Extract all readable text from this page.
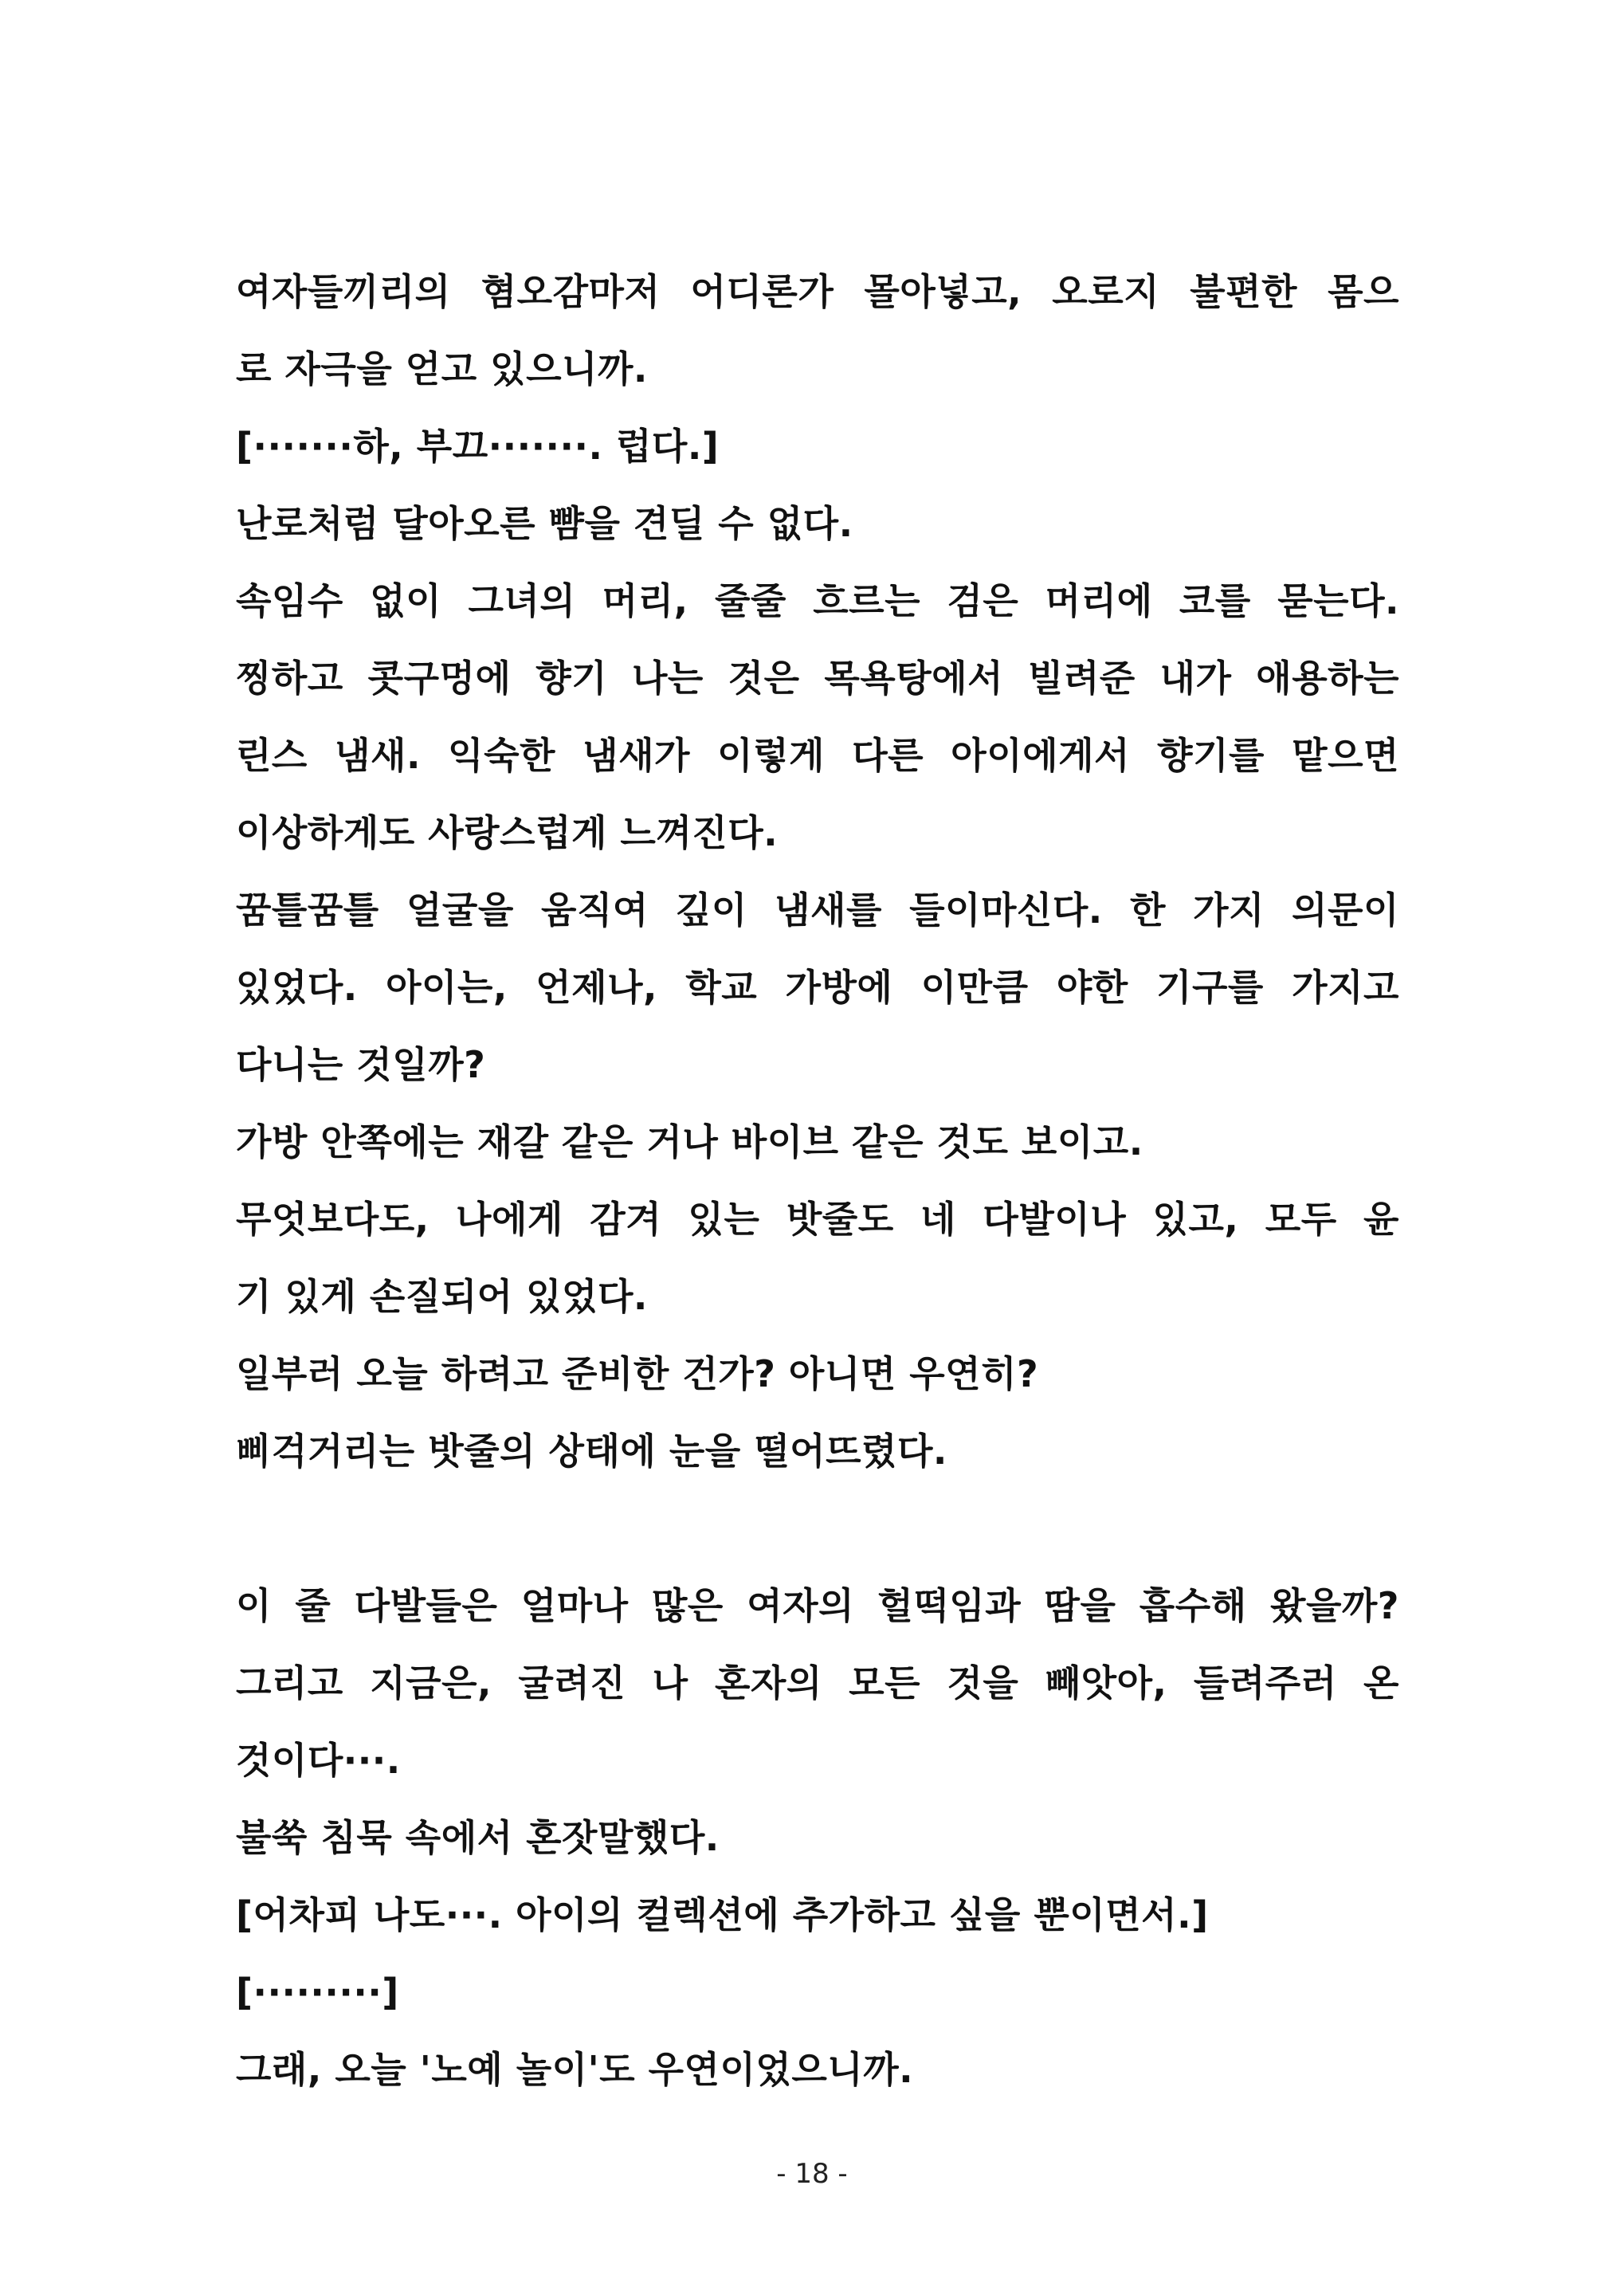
여자들끼리의 혐오감마저 어디론가 몰아넣고, 오로지 불편한 몸으
로 자극을 얻고 있으니까.
[·······하, 부끄·······. 럽다.]
난로처럼 달아오른 뺨을 견딜 수 없다.
속임수 없이 그녀의 머리, 줄줄 흐르는 검은 머리에 코를 묻는다.
찡하고 콧구멍에 향기 나는 것은 목욕탕에서 빌려준 내가 애용하는
린스 냄새. 익숙한 냄새가 이렇게 다른 아이에게서 향기를 맡으면
이상하게도 사랑스럽게 느껴진다.
꿈틀꿈틀 얼굴을 움직여 깊이 냄새를 들이마신다. 한 가지 의문이
있었다. 아이는, 언제나, 학교 가방에 이만큼 야한 기구를 가지고
다니는 것일까?
가방 안쪽에는 재갈 같은 거나 바이브 같은 것도 보이고.
무엇보다도, 나에게 감겨 있는 밧줄도 네 다발이나 있고, 모두 윤
기 있게 손질되어 있었다.
일부러 오늘 하려고 준비한 건가? 아니면 우연히?
삐걱거리는 밧줄의 상태에 눈을 떨어뜨렸다.
이 줄 다발들은 얼마나 많은 여자의 헐떡임과 땀을 흡수해 왔을까?
그리고 지금은, 굴려진 나 혼자의 모든 것을 빼앗아, 들려주러 온
것이다···.
불쑥 침묵 속에서 혼잣말했다.
[어차피 나도···. 아이의 컬렉션에 추가하고 싶을 뿐이면서.]
[·········]
그래, 오늘 '노예 놀이'도 우연이었으니까.
- 18 -
